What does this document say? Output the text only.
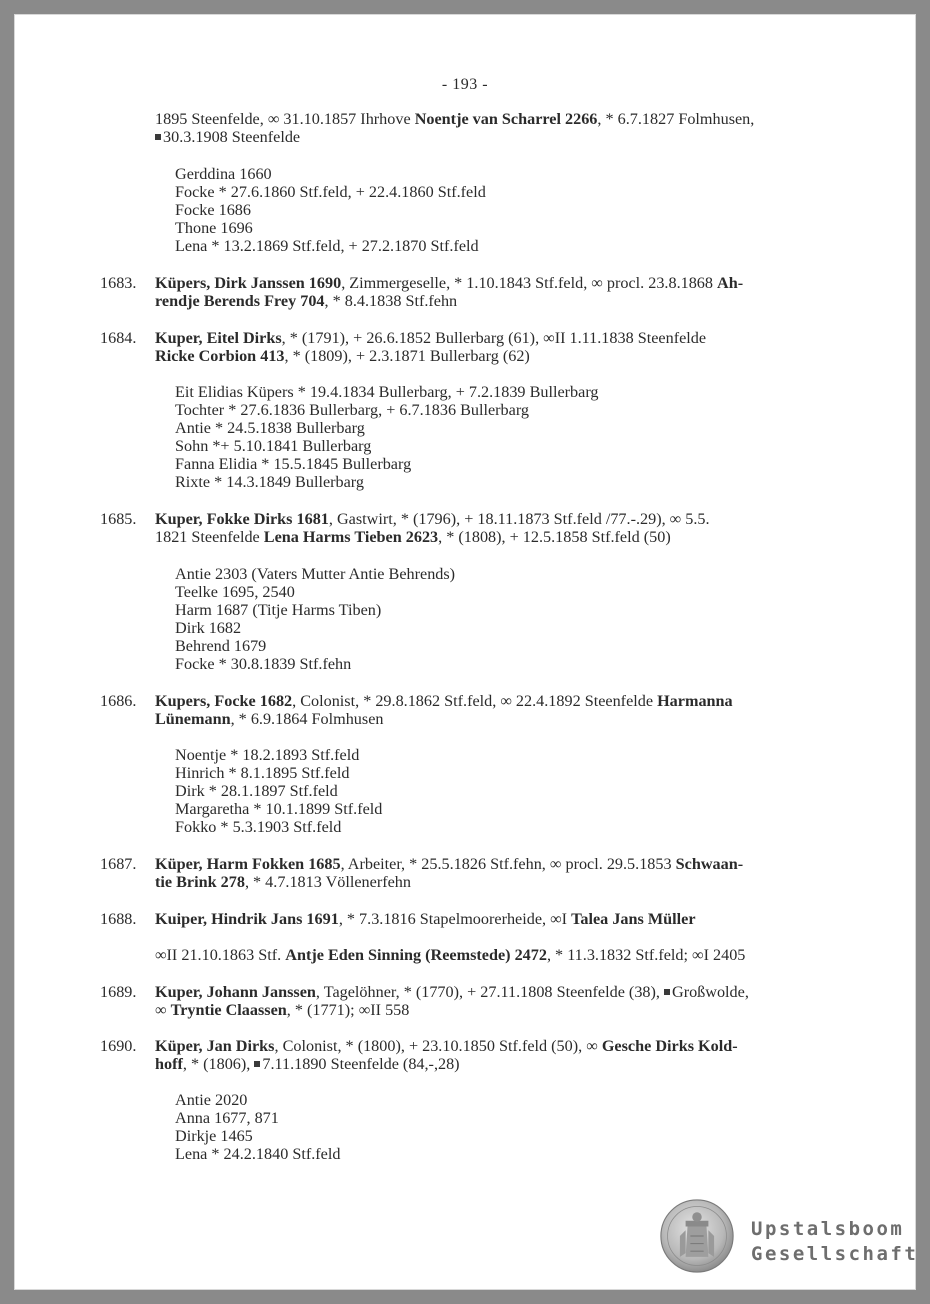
- 193 -
1895 Steenfelde, ∞ 31.10.1857 Ihrhove Noentje van Scharrel 2266, * 6.7.1827 Folmhusen,
30.3.1908 Steenfelde
Gerddina 1660
Focke * 27.6.1860 Stf.feld, + 22.4.1860 Stf.feld
Focke 1686
Thone 1696
Lena * 13.2.1869 Stf.feld, + 27.2.1870 Stf.feld
1683. Küpers, Dirk Janssen 1690, Zimmergeselle, * 1.10.1843 Stf.feld, ∞ procl. 23.8.1868 Ah-
rendje Berends Frey 704, * 8.4.1838 Stf.fehn
1684. Kuper, Eitel Dirks, * (1791), + 26.6.1852 Bullerbarg (61), ∞II 1.11.1838 Steenfelde
Ricke Corbion 413, * (1809), + 2.3.1871 Bullerbarg (62)
Eit Elidias Küpers * 19.4.1834 Bullerbarg, + 7.2.1839 Bullerbarg
Tochter * 27.6.1836 Bullerbarg, + 6.7.1836 Bullerbarg
Antie * 24.5.1838 Bullerbarg
Sohn *+ 5.10.1841 Bullerbarg
Fanna Elidia * 15.5.1845 Bullerbarg
Rixte * 14.3.1849 Bullerbarg
1685. Kuper, Fokke Dirks 1681, Gastwirt, * (1796), + 18.11.1873 Stf.feld /77.-.29), ∞ 5.5.
1821 Steenfelde Lena Harms Tieben 2623, * (1808), + 12.5.1858 Stf.feld (50)
Antie 2303 (Vaters Mutter Antie Behrends)
Teelke 1695, 2540
Harm 1687 (Titje Harms Tiben)
Dirk 1682
Behrend 1679
Focke * 30.8.1839 Stf.fehn
1686. Kupers, Focke 1682, Colonist, * 29.8.1862 Stf.feld, ∞ 22.4.1892 Steenfelde Harmanna
Lünemann, * 6.9.1864 Folmhusen
Noentje * 18.2.1893 Stf.feld
Hinrich * 8.1.1895 Stf.feld
Dirk * 28.1.1897 Stf.feld
Margaretha * 10.1.1899 Stf.feld
Fokko * 5.3.1903 Stf.feld
1687. Küper, Harm Fokken 1685, Arbeiter, * 25.5.1826 Stf.fehn, ∞ procl. 29.5.1853 Schwaan-
tie Brink 278, * 4.7.1813 Völlenerfehn
1688. Kuiper, Hindrik Jans 1691, * 7.3.1816 Stapelmoorerheide, ∞I Talea Jans Müller
∞II 21.10.1863 Stf. Antje Eden Sinning (Reemstede) 2472, * 11.3.1832 Stf.feld; ∞I 2405
1689. Kuper, Johann Janssen, Tagelöhner, * (1770), + 27.11.1808 Steenfelde (38), Großwolde,
∞ Tryntie Claassen, * (1771); ∞II 558
1690. Küper, Jan Dirks, Colonist, * (1800), + 23.10.1850 Stf.feld (50), ∞ Gesche Dirks Kold-
hoff, * (1806), 7.11.1890 Steenfelde (84,-,28)
Antie 2020
Anna 1677, 871
Dirkje 1465
Lena * 24.2.1840 Stf.feld
Upstalsboom
Gesellschaft
